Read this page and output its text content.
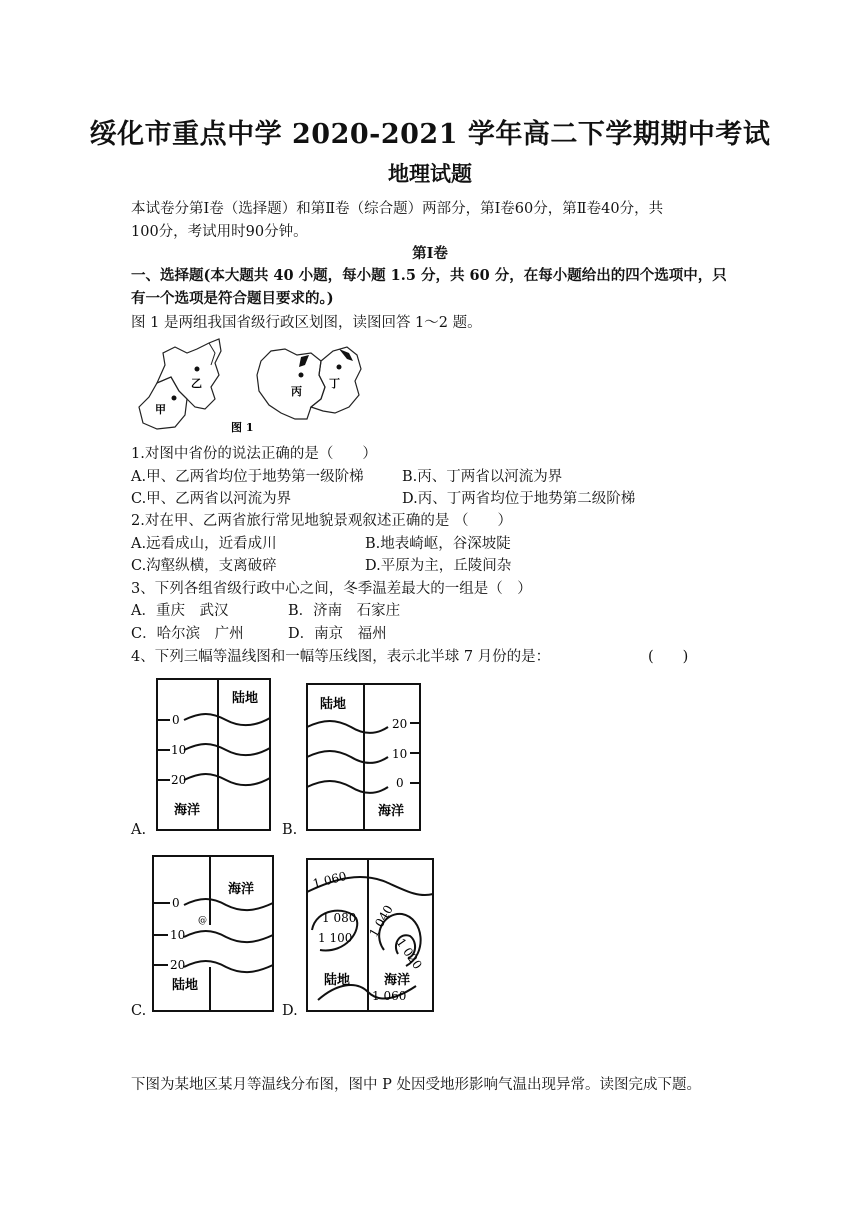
绥化市重点中学 2020-2021 学年高二下学期期中考试
地理试题
本试卷分第Ⅰ卷（选择题）和第Ⅱ卷（综合题）两部分，第Ⅰ卷60分，第Ⅱ卷40分，共
100分，考试用时90分钟。
第Ⅰ卷
一、选择题(本大题共 40 小题，每小题 1.5 分，共 60 分，在每小题给出的四个选项中，只
有一个选项是符合题目要求的。)
图 1 是两组我国省级行政区划图，读图回答 1～2 题。
甲
乙
丙
丁
图 1
1.对图中省份的说法正确的是（　　）
A.甲、乙两省均位于地势第一级阶梯	B.丙、丁两省以河流为界
C.甲、乙两省以河流为界	D.丙、丁两省均位于地势第二级阶梯
2.对在甲、乙两省旅行常见地貌景观叙述正确的是 （　　）
A.远看成山，近看成川	B.地表崎岖，谷深坡陡
C.沟壑纵横，支离破碎	D.平原为主，丘陵间杂
3、下列各组省级行政中心之间，冬季温差最大的一组是（　）
A．重庆　武汉	B．济南　石家庄
C．哈尔滨　广州	D．南京　福州
4、下列三幅等温线图和一幅等压线图，表示北半球 7 月份的是：	(　　)
0
10
20
陆地
海洋
A.
20
10
0
陆地
海洋
B.
0
10
20
@
海洋
陆地
C.
1 060
1 080
1 100 1 040
1 020
1 060
陆地	海洋
D.
下图为某地区某月等温线分布图，图中 P 处因受地形影响气温出现异常。读图完成下题。
